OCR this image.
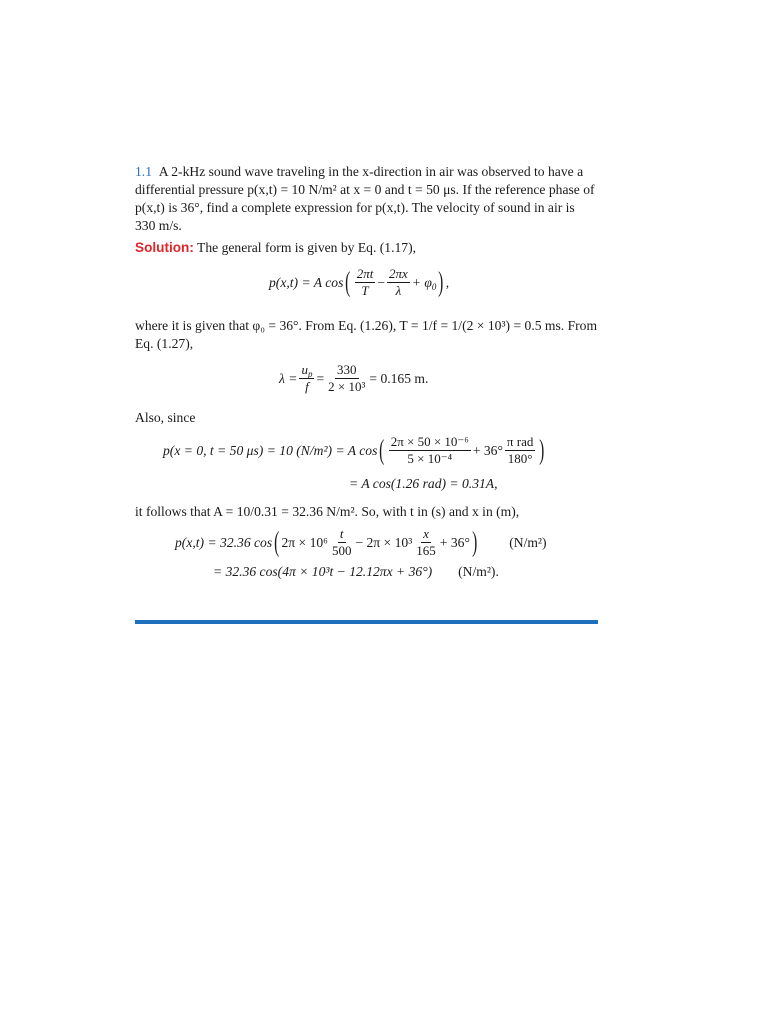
1.1 A 2-kHz sound wave traveling in the x-direction in air was observed to have a differential pressure p(x,t) = 10 N/m² at x = 0 and t = 50 μs. If the reference phase of p(x,t) is 36°, find a complete expression for p(x,t). The velocity of sound in air is 330 m/s.

Solution: The general form is given by Eq. (1.17),

p(x,t) = A cos ( $\frac{2\pi t}{T} - \frac{2\pi x}{\lambda} + \varphi_0$ ) ,

where it is given that φ₀ = 36°. From Eq. (1.26), T = 1/f = 1/(2 × 10³) = 0.5 ms. From Eq. (1.27),

$\lambda = \frac{u_p}{f} = \frac{330}{\text{2 × 10³}} = 0.165$ m.

Also, since

p(x = 0, t = 50 μs) = 10 (N/m²) = A cos ( $\frac{\text{2π × 50 × 10⁻⁶}}{\text{5 × 10⁻⁴}} + 36^\circ \frac{\text{π rad}}{180^\circ}$ )
= A cos(1.26 rad) = 0.31A,

it follows that A = 10/0.31 = 32.36 N/m². So, with t in (s) and x in (m),

p(x,t) = 32.36 cos ( $2\pi \times 10^6 \frac{t}{500} - 2\pi \times 10^3 \frac{x}{165} + 36^\circ$ ) (N/m²)
= 32.36 cos(4π × 10³t − 12.12πx + 36°) (N/m²).
